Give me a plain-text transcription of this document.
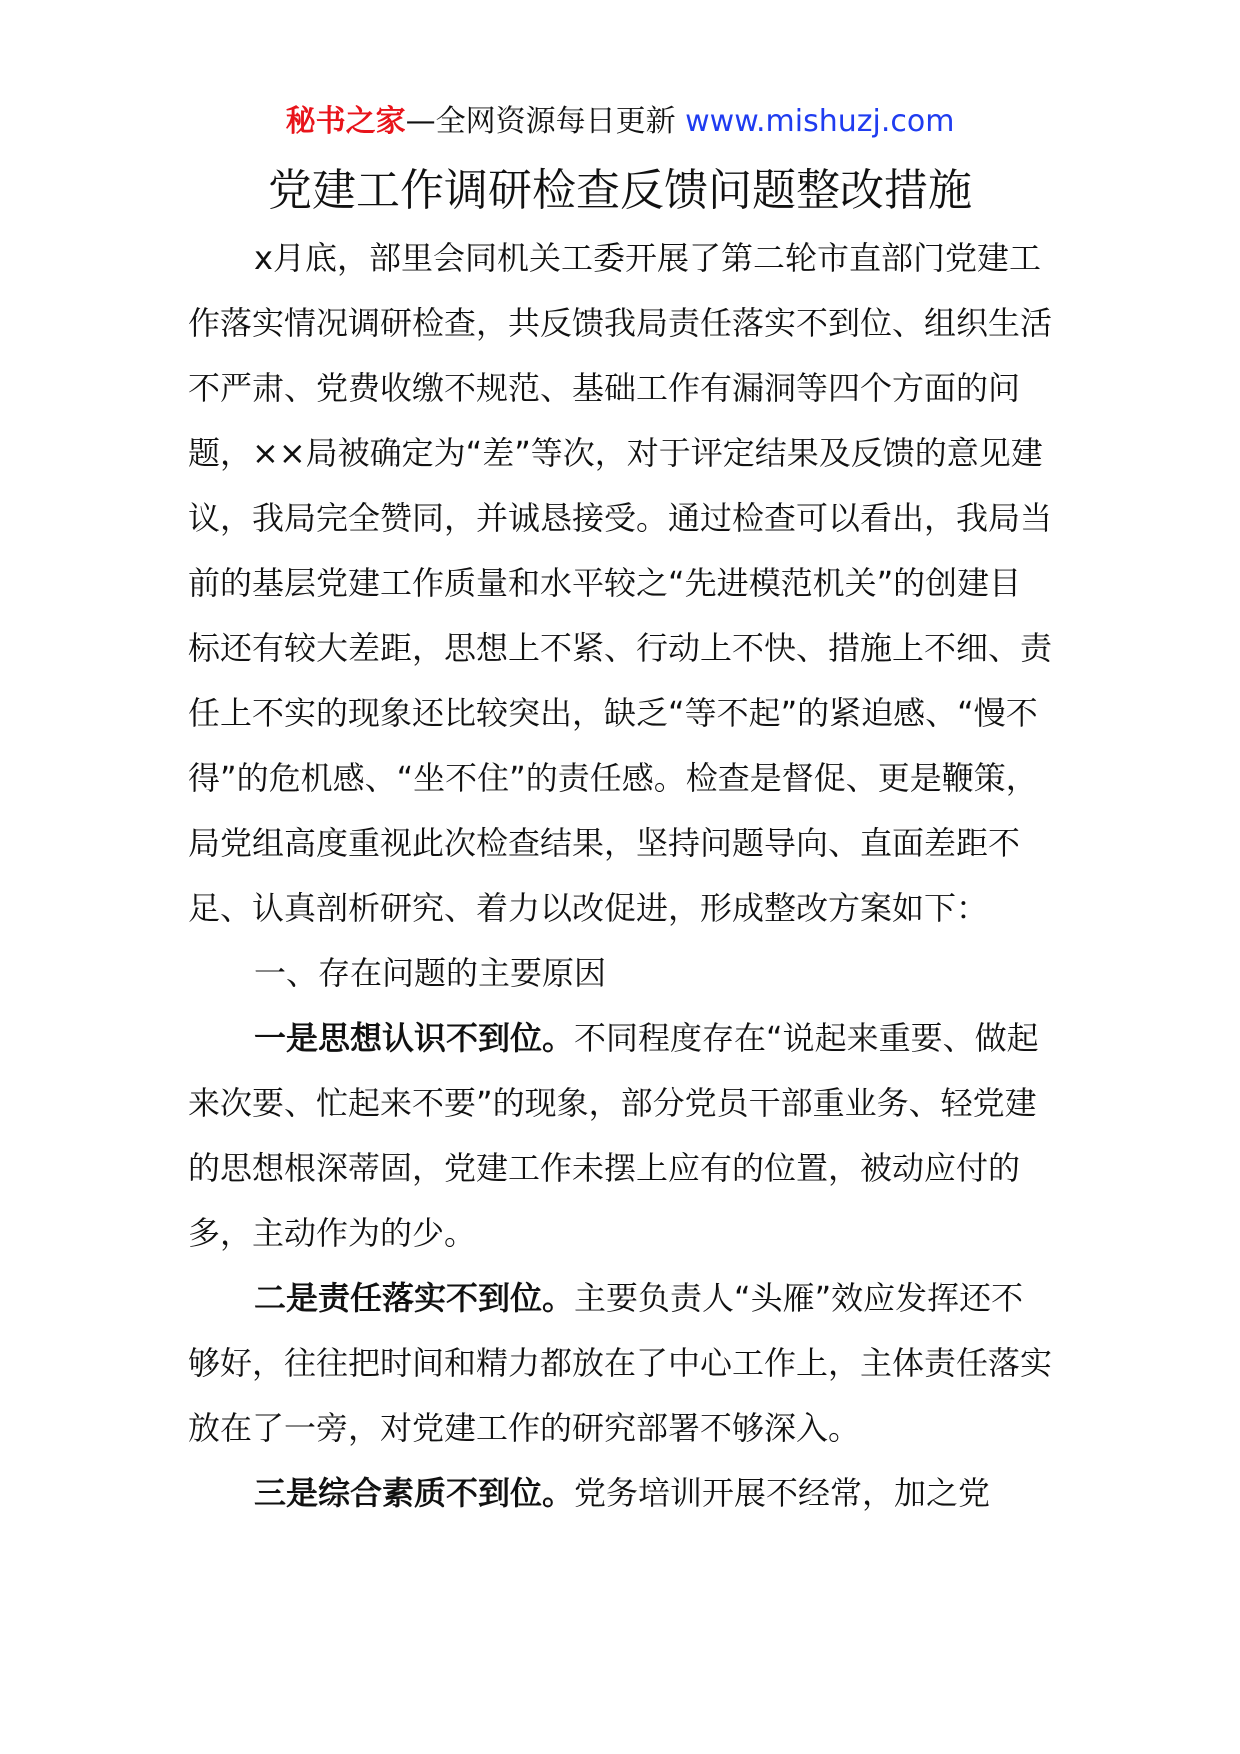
秘书之家—全网资源每日更新 www.mishuzj.com
党建工作调研检查反馈问题整改措施

x月底，部里会同机关工委开展了第二轮市直部门党建工作落实情况调研检查，共反馈我局责任落实不到位、组织生活不严肃、党费收缴不规范、基础工作有漏洞等四个方面的问题，××局被确定为“差”等次，对于评定结果及反馈的意见建议，我局完全赞同，并诚恳接受。通过检查可以看出，我局当前的基层党建工作质量和水平较之“先进模范机关”的创建目标还有较大差距，思想上不紧、行动上不快、措施上不细、责任上不实的现象还比较突出，缺乏“等不起”的紧迫感、“慢不得”的危机感、“坐不住”的责任感。检查是督促、更是鞭策，局党组高度重视此次检查结果，坚持问题导向、直面差距不足、认真剖析研究、着力以改促进，形成整改方案如下：

一、存在问题的主要原因

一是思想认识不到位。不同程度存在“说起来重要、做起来次要、忙起来不要”的现象，部分党员干部重业务、轻党建的思想根深蒂固，党建工作未摆上应有的位置，被动应付的多，主动作为的少。

二是责任落实不到位。主要负责人“头雁”效应发挥还不够好，往往把时间和精力都放在了中心工作上，主体责任落实放在了一旁，对党建工作的研究部署不够深入。

三是综合素质不到位。党务培训开展不经常，加之党
